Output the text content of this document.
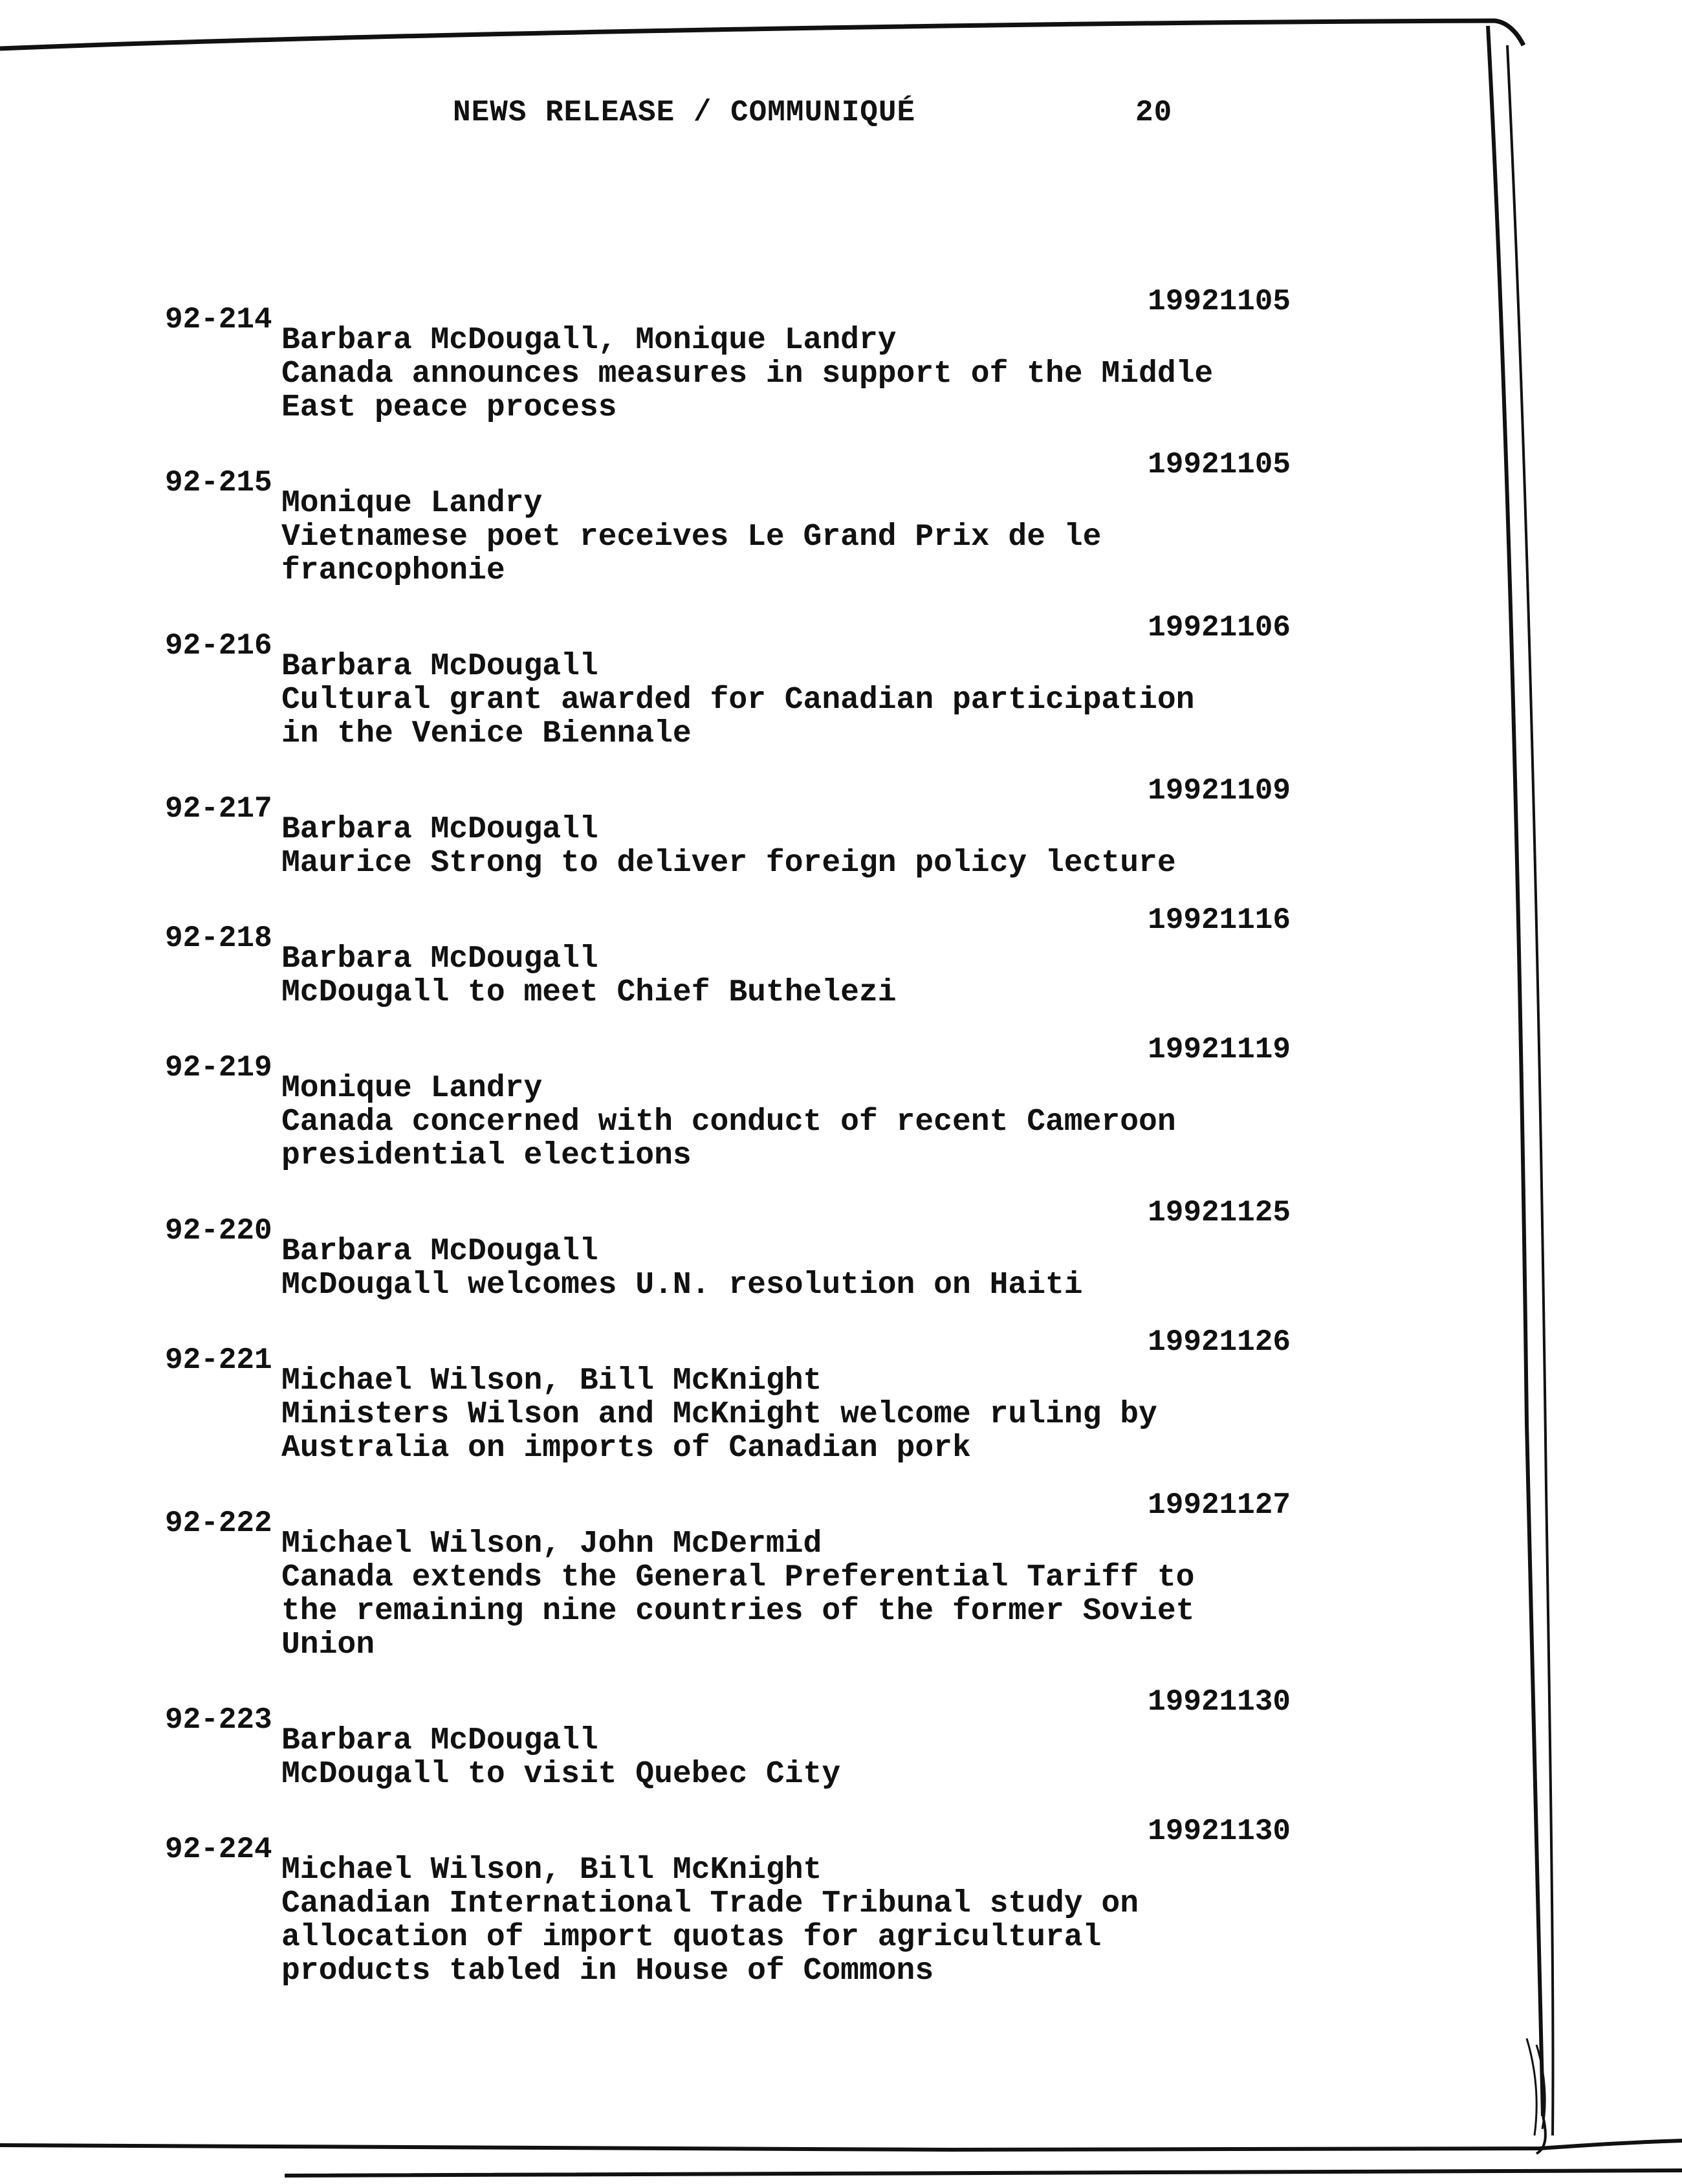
NEWS RELEASE / COMMUNIQUÉ	20
92-214
19921105
Barbara McDougall, Monique Landry
Canada announces measures in support of the Middle
East peace process
92-215
19921105
Monique Landry
Vietnamese poet receives Le Grand Prix de le
francophonie
92-216
19921106
Barbara McDougall
Cultural grant awarded for Canadian participation
in the Venice Biennale
92-217
19921109
Barbara McDougall
Maurice Strong to deliver foreign policy lecture
92-218
19921116
Barbara McDougall
McDougall to meet Chief Buthelezi
92-219
19921119
Monique Landry
Canada concerned with conduct of recent Cameroon
presidential elections
92-220
19921125
Barbara McDougall
McDougall welcomes U.N. resolution on Haiti
92-221
19921126
Michael Wilson, Bill McKnight
Ministers Wilson and McKnight welcome ruling by
Australia on imports of Canadian pork
92-222
19921127
Michael Wilson, John McDermid
Canada extends the General Preferential Tariff to
the remaining nine countries of the former Soviet
Union
92-223
19921130
Barbara McDougall
McDougall to visit Quebec City
92-224
19921130
Michael Wilson, Bill McKnight
Canadian International Trade Tribunal study on
allocation of import quotas for agricultural
products tabled in House of Commons
